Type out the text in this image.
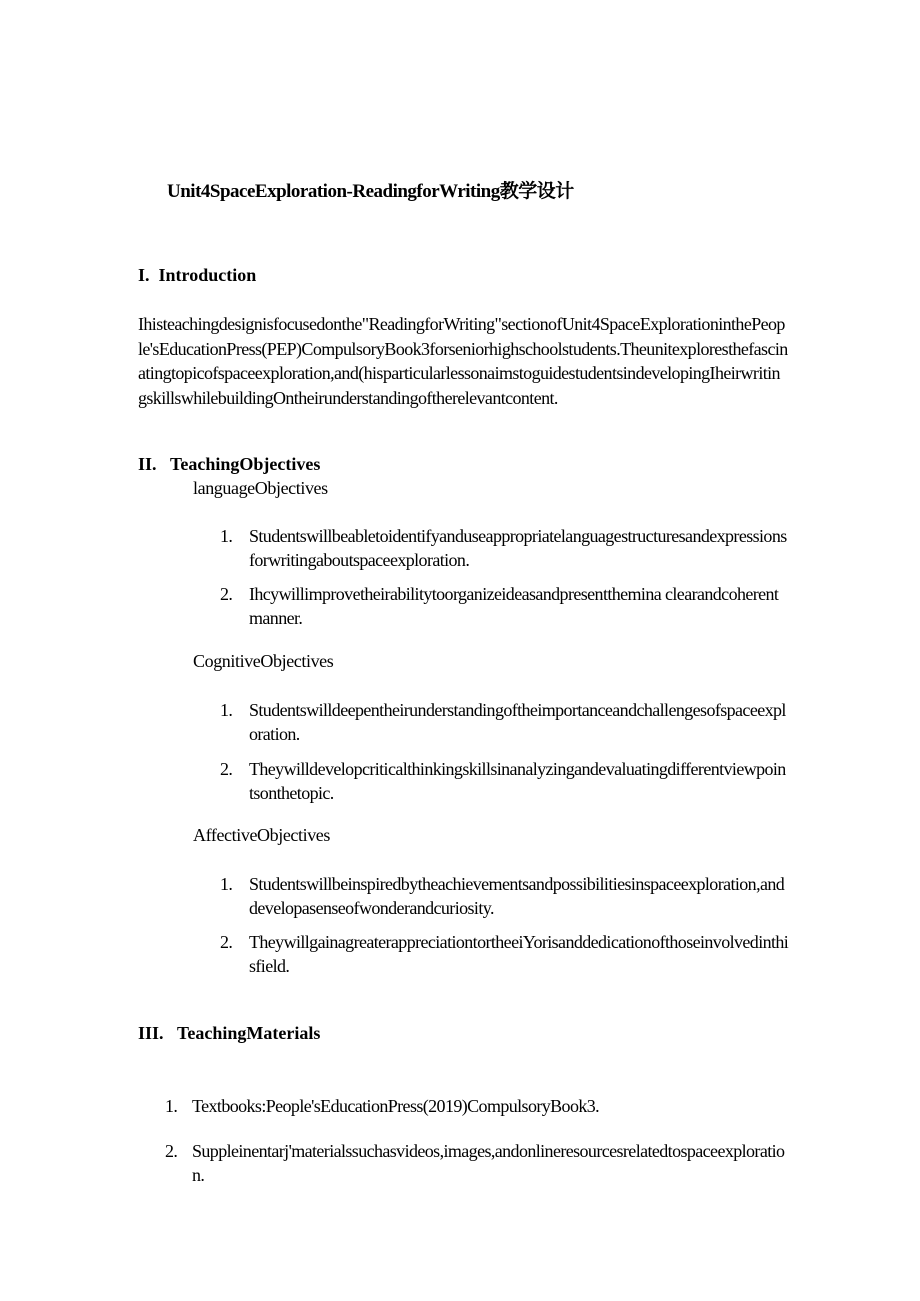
Unit4SpaceExploration-ReadingforWriting教学设计
I. Introduction
Ihisteachingdesignisfocusedonthe"ReadingforWriting"sectionofUnit4SpaceExplorationinthePeople'sEducationPress(PEP)CompulsoryBook3forseniorhighschoolstudents.Theunitexploresthefascinatingtopicofspaceexploration,and(hisparticularlessonaimstoguidestudentsindevelopingIheirwritingskillswhilebuildingOntheirunderstandingoftherelevantcontent.
II. TeachingObjectives
languageObjectives
1. Studentswillbeabletoidentifyanduseappropriatelanguagestructuresandexpressionsforwritingaboutspaceexploration.
2. Ihcywillimprovetheirabilitytoorganizeideasandpresentthemina clearandcoherentmanner.
CognitiveObjectives
1. Studentswilldeepentheirunderstandingoftheimportanceandchallengesofspaceexploration.
2. Theywilldevelopcriticalthinkingskillsinanalyzingandevaluatingdifferentviewpointsonthetopic.
AffectiveObjectives
1. Studentswillbeinspiredbytheachievementsandpossibilitiesinspaceexploration,anddevelopasenseofwonderandcuriosity.
2. TheywillgainagreaterappreciationtortheeiYorisanddedicationofthoseinvolvedinthisfield.
III. TeachingMaterials
1. Textbooks:People'sEducationPress(2019)CompulsoryBook3.
2. Suppleinentarj'materialssuchasvideos,images,andonlineresourcesrelatedtospaceexploration.
